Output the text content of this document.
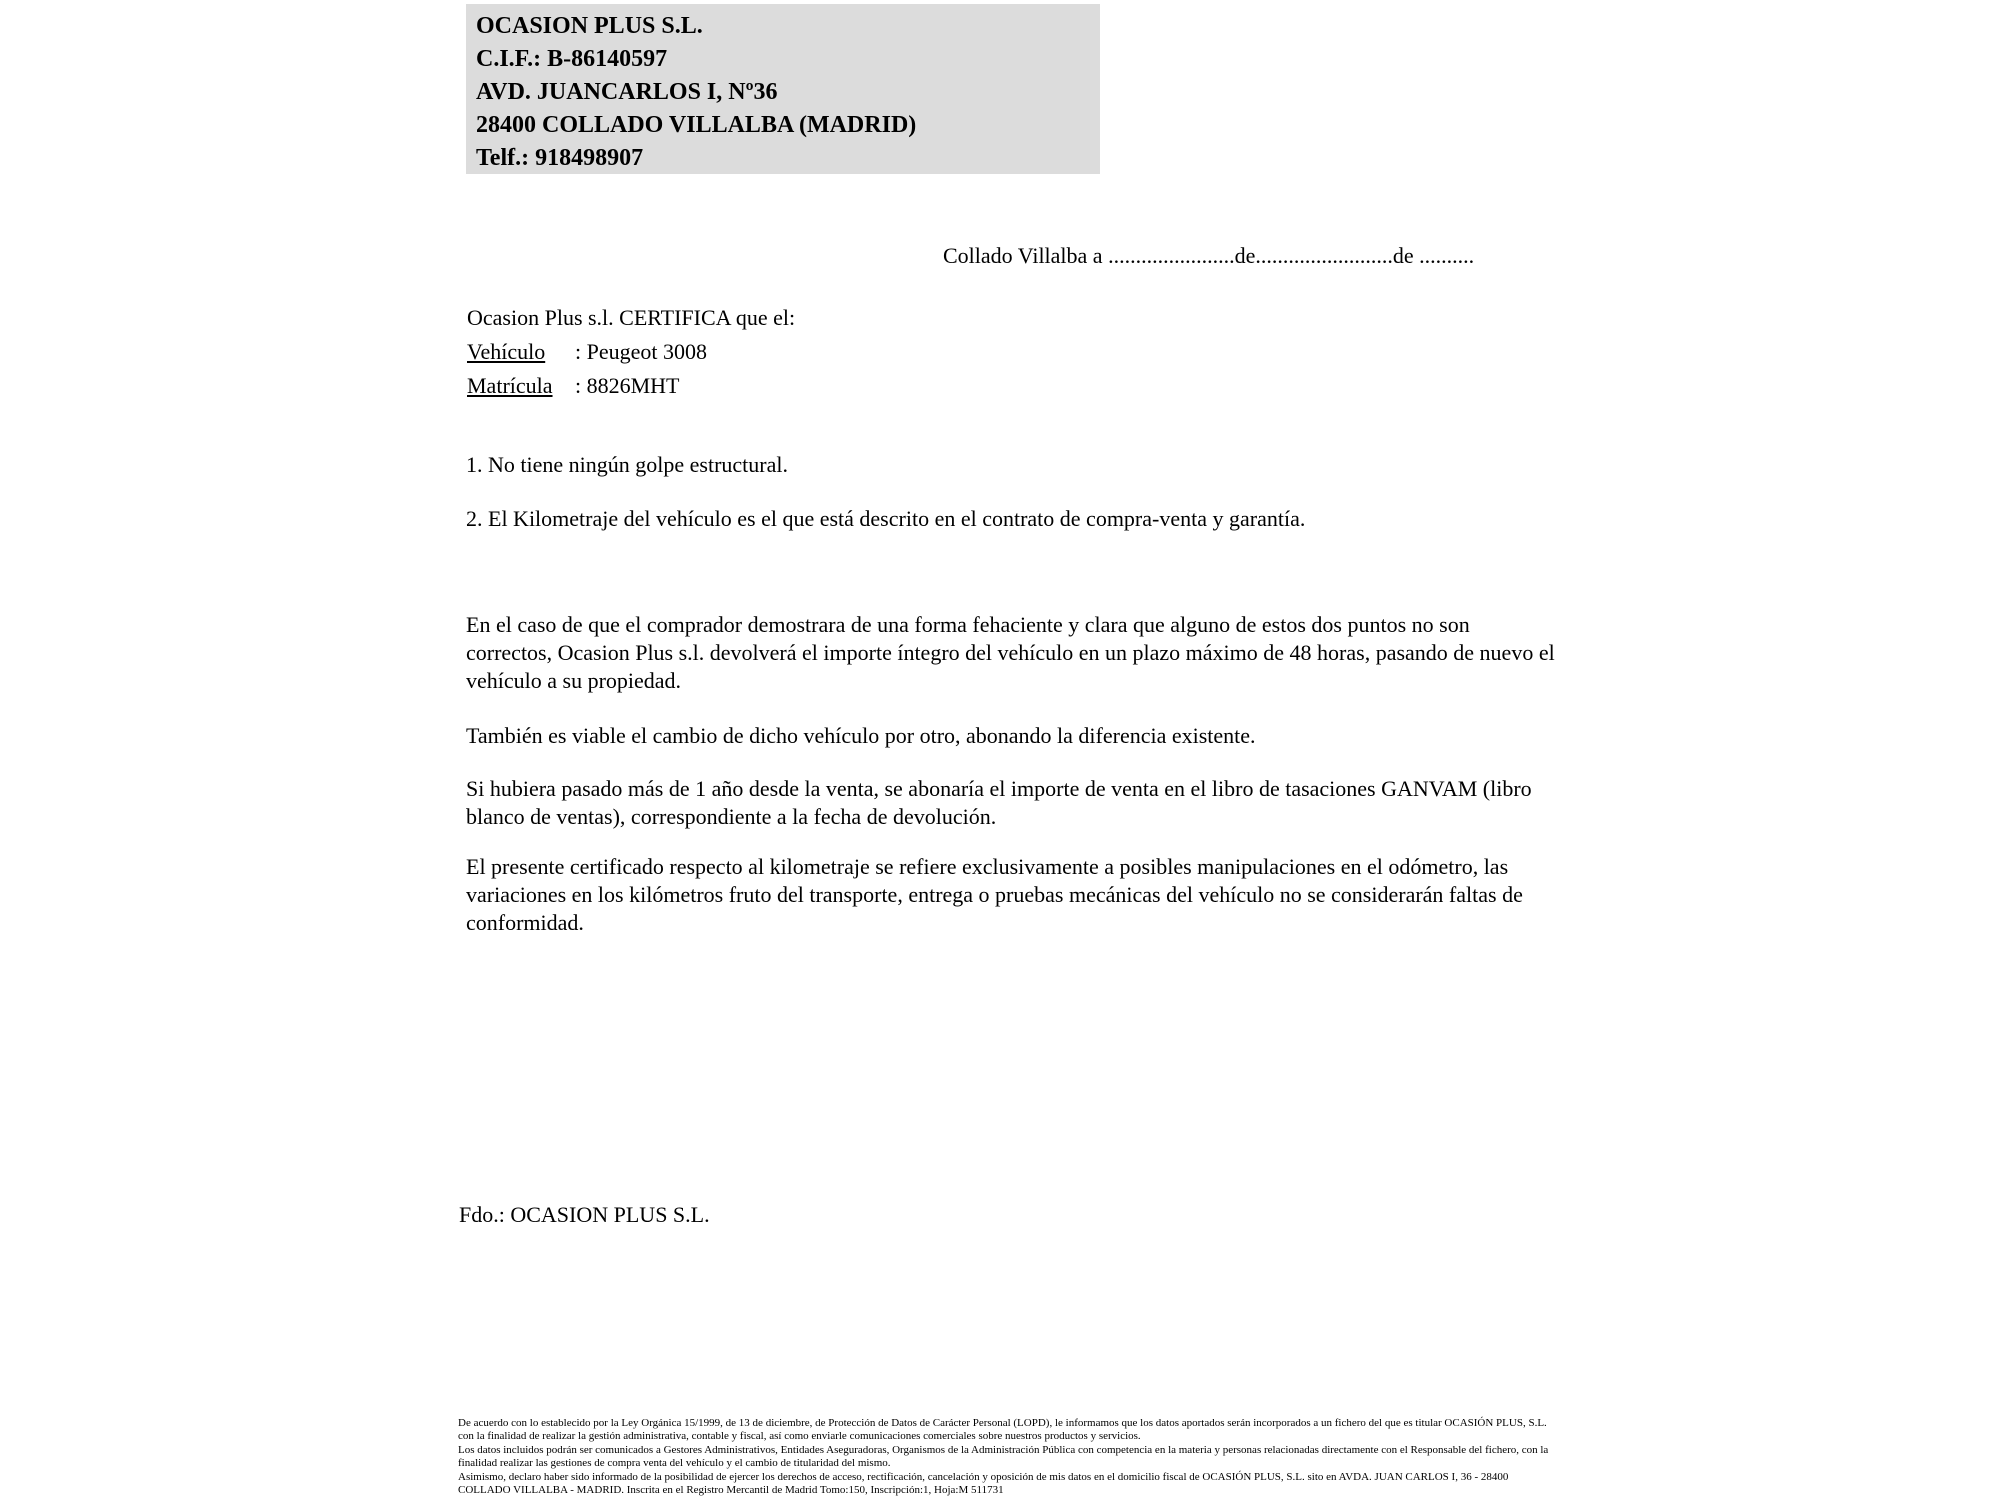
OCASION PLUS S.L.

C.I.F.: B-86140597

AVD. JUANCARLOS I, Nº36

28400 COLLADO VILLALBA (MADRID)

Telf.: 918498907

Collado Villalba a .......................de.........................de ..........

Ocasion Plus s.l. CERTIFICA que el:

Vehículo : Peugeot 3008

Matrícula : 8826MHT

1. No tiene ningún golpe estructural.

2. El Kilometraje del vehículo es el que está descrito en el contrato de compra-venta y garantía.

En el caso de que el comprador demostrara de una forma fehaciente y clara que alguno de estos dos puntos no son correctos, Ocasion Plus s.l. devolverá el importe íntegro del vehículo en un plazo máximo de 48 horas, pasando de nuevo el vehículo a su propiedad.

También es viable el cambio de dicho vehículo por otro, abonando la diferencia existente.

Si hubiera pasado más de 1 año desde la venta, se abonaría el importe de venta en el libro de tasaciones GANVAM (libro blanco de ventas), correspondiente a la fecha de devolución.

El presente certificado respecto al kilometraje se refiere exclusivamente a posibles manipulaciones en el odómetro, las variaciones en los kilómetros fruto del transporte, entrega o pruebas mecánicas del vehículo no se considerarán faltas de conformidad.

Fdo.: OCASION PLUS S.L.

De acuerdo con lo establecido por la Ley Orgánica 15/1999, de 13 de diciembre, de Protección de Datos de Carácter Personal (LOPD), le informamos que los datos aportados serán incorporados a un fichero del que es titular OCASIÓN PLUS, S.L. con la finalidad de realizar la gestión administrativa, contable y fiscal, así como enviarle comunicaciones comerciales sobre nuestros productos y servicios.

Los datos incluidos podrán ser comunicados a Gestores Administrativos, Entidades Aseguradoras, Organismos de la Administración Pública con competencia en la materia y personas relacionadas directamente con el Responsable del fichero, con la finalidad realizar las gestiones de compra venta del vehículo y el cambio de titularidad del mismo.

Asimismo, declaro haber sido informado de la posibilidad de ejercer los derechos de acceso, rectificación, cancelación y oposición de mis datos en el domicilio fiscal de OCASIÓN PLUS, S.L. sito en AVDA. JUAN CARLOS I, 36 - 28400 COLLADO VILLALBA - MADRID. Inscrita en el Registro Mercantil de Madrid Tomo:150, Inscripción:1, Hoja:M 511731
